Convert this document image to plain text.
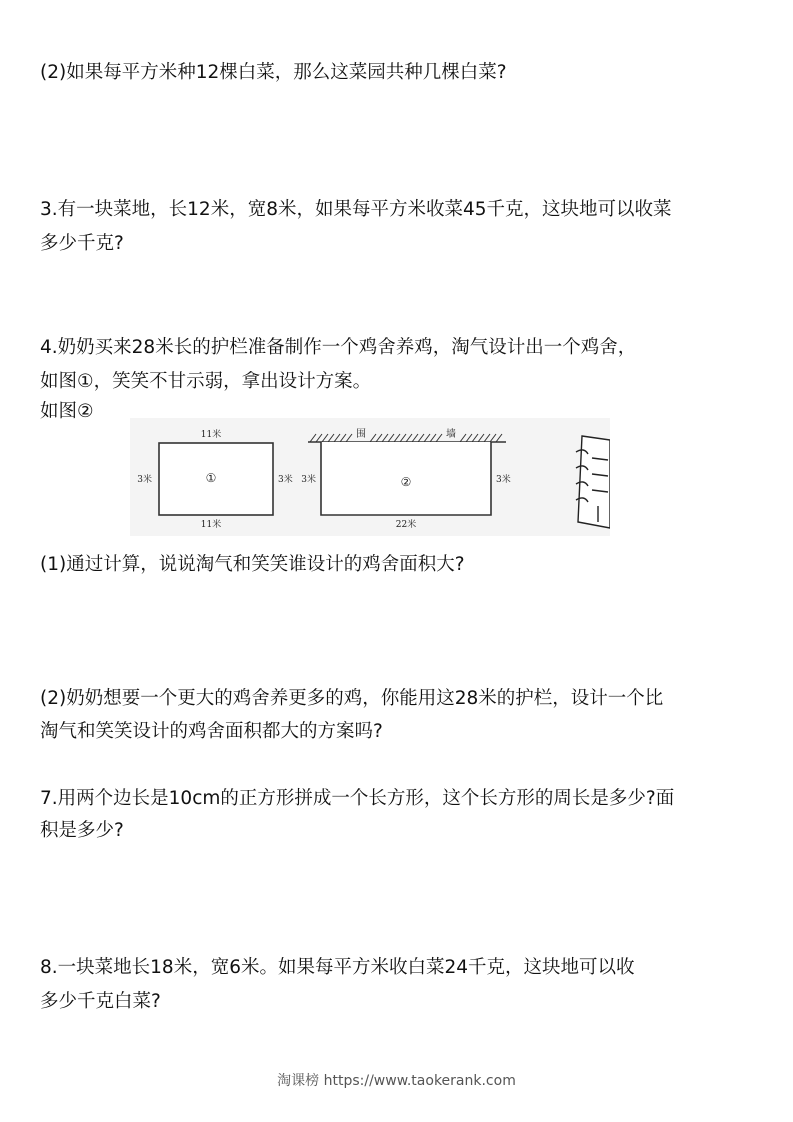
(2)如果每平方米种12棵白菜，那么这菜园共种几棵白菜?

3.有一块菜地，长12米，宽8米，如果每平方米收菜45千克，这块地可以收菜

多少千克?

4.奶奶买来28米长的护栏准备制作一个鸡舍养鸡，淘气设计出一个鸡舍，

如图①，笑笑不甘示弱，拿出设计方案。

如图②

11米
11米
3米	3米
①
围	墙
3米	3米
22米
②

(1)通过计算，说说淘气和笑笑谁设计的鸡舍面积大?

(2)奶奶想要一个更大的鸡舍养更多的鸡，你能用这28米的护栏，设计一个比

淘气和笑笑设计的鸡舍面积都大的方案吗?

7.用两个边长是10cm的正方形拼成一个长方形，这个长方形的周长是多少?面

积是多少?

8.一块菜地长18米，宽6米。如果每平方米收白菜24千克，这块地可以收

多少千克白菜?

淘课榜 https://www.taokerank.com
